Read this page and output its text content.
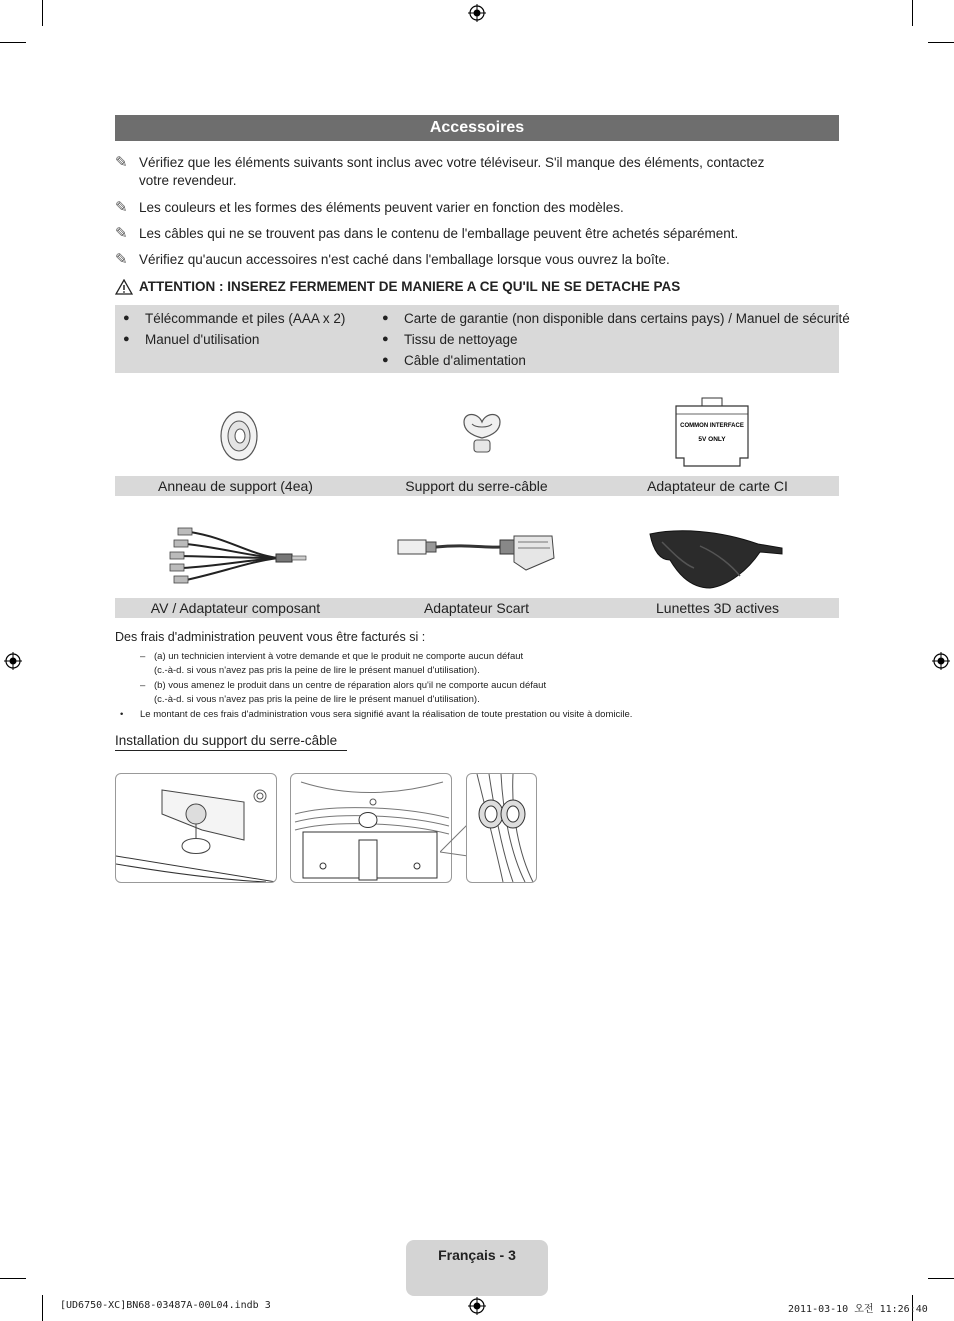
Accessoires
✎ Vérifiez que les éléments suivants sont inclus avec votre téléviseur. S'il manque des éléments, contactez votre revendeur.
✎ Les couleurs et les formes des éléments peuvent varier en fonction des modèles.
✎ Les câbles qui ne se trouvent pas dans le contenu de l'emballage peuvent être achetés séparément.
✎ Vérifiez qu'aucun accessoires n'est caché dans l'emballage lorsque vous ouvrez la boîte.
ATTENTION : INSEREZ FERMEMENT DE MANIERE A CE QU'IL NE SE DETACHE PAS
● Télécommande et piles (AAA x 2)
● Manuel d'utilisation
● Carte de garantie (non disponible dans certains pays) / Manuel de sécurité
● Tissu de nettoyage
● Câble d'alimentation
COMMON INTERFACE
5V ONLY
Anneau de support (4ea)	Support du serre-câble	Adaptateur de carte CI
AV / Adaptateur composant	Adaptateur Scart	Lunettes 3D actives
Des frais d'administration peuvent vous être facturés si :
– (a) un technicien intervient à votre demande et que le produit ne comporte aucun défaut
(c.-à-d. si vous n'avez pas pris la peine de lire le présent manuel d'utilisation).
– (b) vous amenez le produit dans un centre de réparation alors qu'il ne comporte aucun défaut
(c.-à-d. si vous n'avez pas pris la peine de lire le présent manuel d'utilisation).
• Le montant de ces frais d'administration vous sera signifié avant la réalisation de toute prestation ou visite à domicile.
Installation du support du serre-câble
Français - 3
[UD6750-XC]BN68-03487A-00L04.indb 3	2011-03-10 오전 11:26:40
